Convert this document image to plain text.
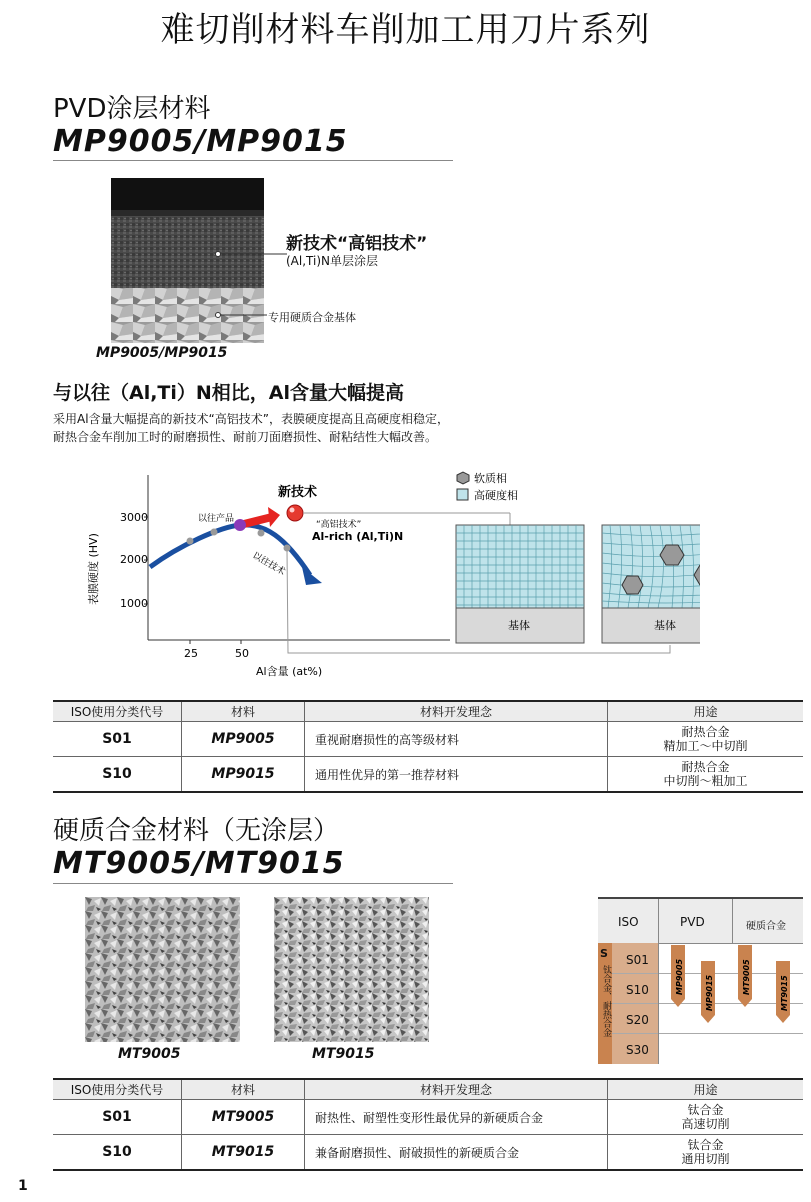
难切削材料车削加工用刀片系列
PVD涂层材料
MP9005/MP9015
新技术“高铝技术”
(Al,Ti)N单层涂层
专用硬质合金基体
MP9005/MP9015
与以往（Al,Ti）N相比，Al含量大幅提高
采用Al含量大幅提高的新技术“高铝技术”，表膜硬度提高且高硬度相稳定，
耐热合金车削加工时的耐磨损性、耐前刀面磨损性、耐粘结性大幅改善。
3000
2000
1000
25	50
Al含量 (at%)
表膜硬度 (HV)
新技术
以往产品
以往技术
“高铝技术”
Al-rich (Al,Ti)N
软质相
高硬度相
基体	基体
ISO使用分类代号	材料	材料开发理念	用途
S01	MP9005	重视耐磨损性的高等级材料	耐热合金
精加工～中切削

S10	MP9015	通用性优异的第一推荐材料	耐热合金
中切削～粗加工
硬质合金材料（无涂层）
MT9005/MT9015
MT9005	MT9015
ISO	PVD	硬质合金
S
钛合金、耐热合金
S01
S10
S20
S30
MP9005	MP9015	MT9005	MT9015
ISO使用分类代号	材料	材料开发理念	用途
S01	MT9005	耐热性、耐塑性变形性最优异的新硬质合金	钛合金
高速切削

S10	MT9015	兼备耐磨损性、耐破损性的新硬质合金	钛合金
通用切削
1
